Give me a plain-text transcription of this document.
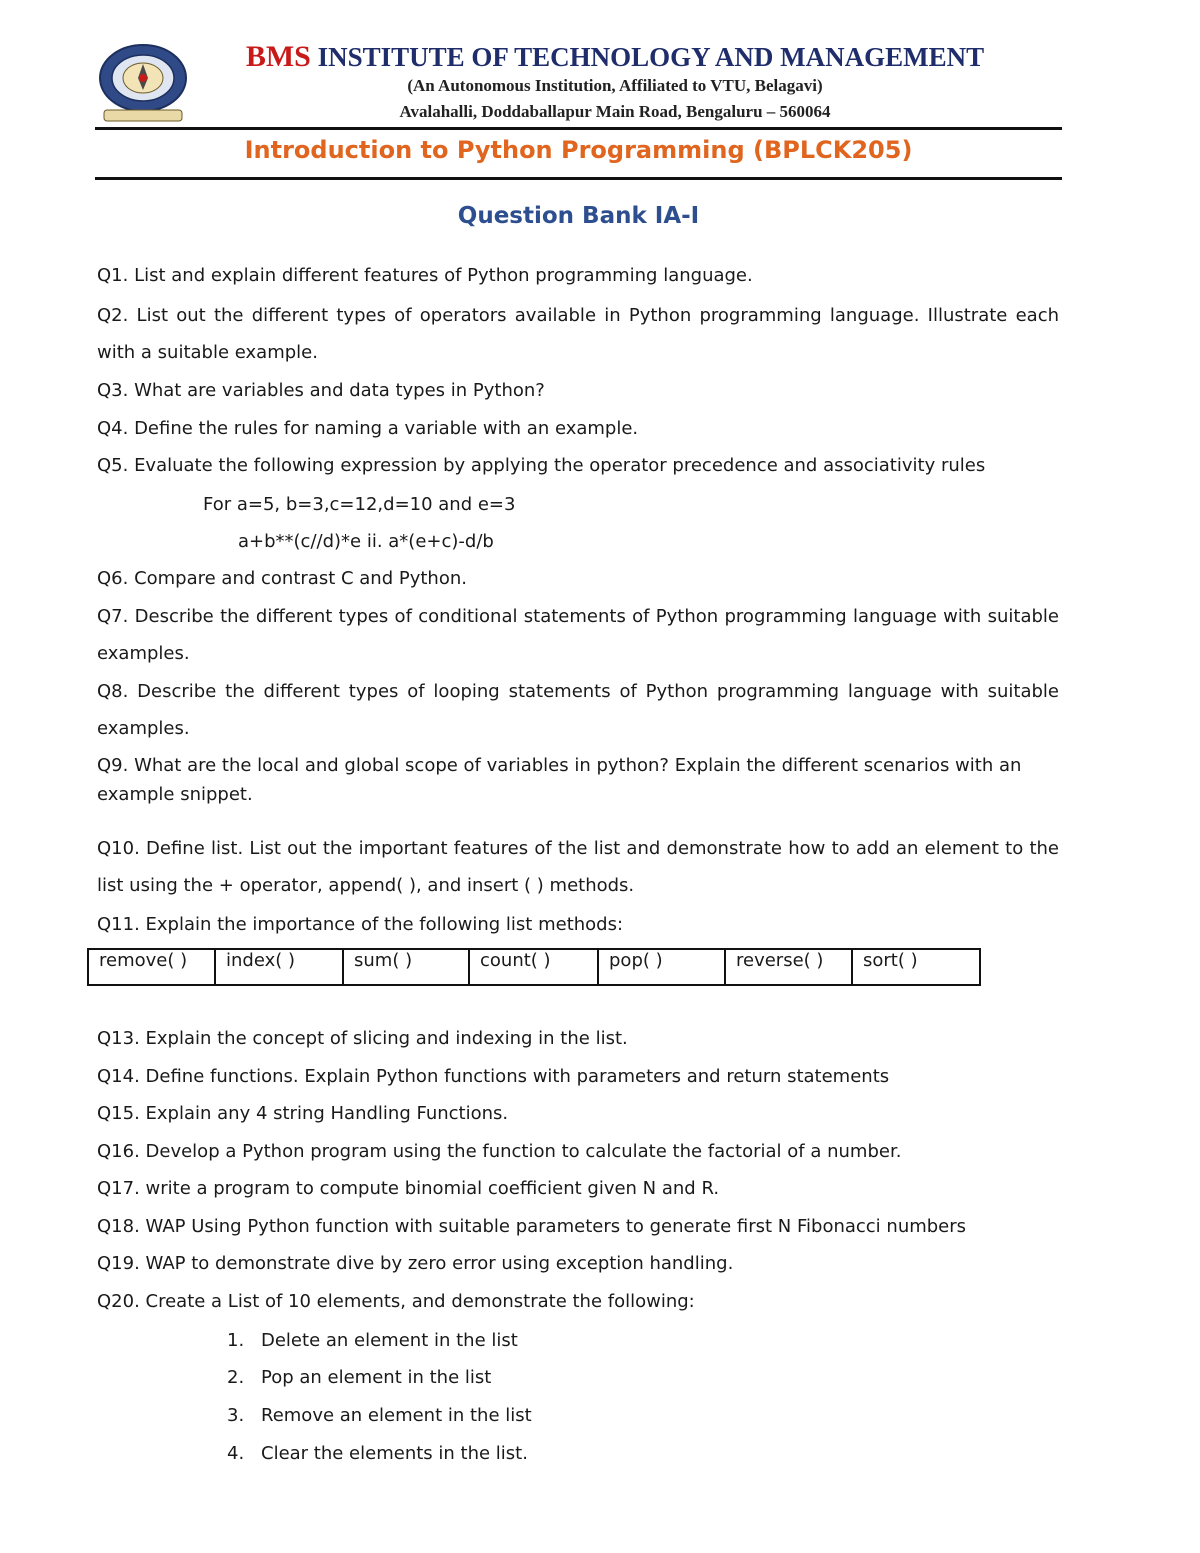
BMS INSTITUTE OF TECHNOLOGY AND MANAGEMENT
(An Autonomous Institution, Affiliated to VTU, Belagavi)
Avalahalli, Doddaballapur Main Road, Bengaluru – 560064
Introduction to Python Programming (BPLCK205)
Question Bank IA-I
Q1. List and explain different features of Python programming language.
Q2. List out the different types of operators available in Python programming language. Illustrate each with a suitable example.
Q3. What are variables and data types in Python?
Q4. Define the rules for naming a variable with an example.
Q5. Evaluate the following expression by applying the operator precedence and associativity rules
For a=5, b=3,c=12,d=10 and e=3
a+b**(c//d)*e ii. a*(e+c)-d/b
Q6. Compare and contrast C and Python.
Q7. Describe the different types of conditional statements of Python programming language with suitable examples.
Q8. Describe the different types of looping statements of Python programming language with suitable examples.
Q9. What are the local and global scope of variables in python? Explain the different scenarios with an example snippet.
Q10. Define list. List out the important features of the list and demonstrate how to add an element to the list using the + operator, append( ), and insert ( ) methods.
Q11. Explain the importance of the following list methods:
remove( )	index( )	sum( )	count( )	pop( )	reverse( )	sort( )
Q13. Explain the concept of slicing and indexing in the list.
Q14. Define functions. Explain Python functions with parameters and return statements
Q15. Explain any 4 string Handling Functions.
Q16. Develop a Python program using the function to calculate the factorial of a number.
Q17. write a program to compute binomial coefficient given N and R.
Q18. WAP Using Python function with suitable parameters to generate first N Fibonacci numbers
Q19. WAP to demonstrate dive by zero error using exception handling.
Q20. Create a List of 10 elements, and demonstrate the following:
1. Delete an element in the list
2. Pop an element in the list
3. Remove an element in the list
4. Clear the elements in the list.
